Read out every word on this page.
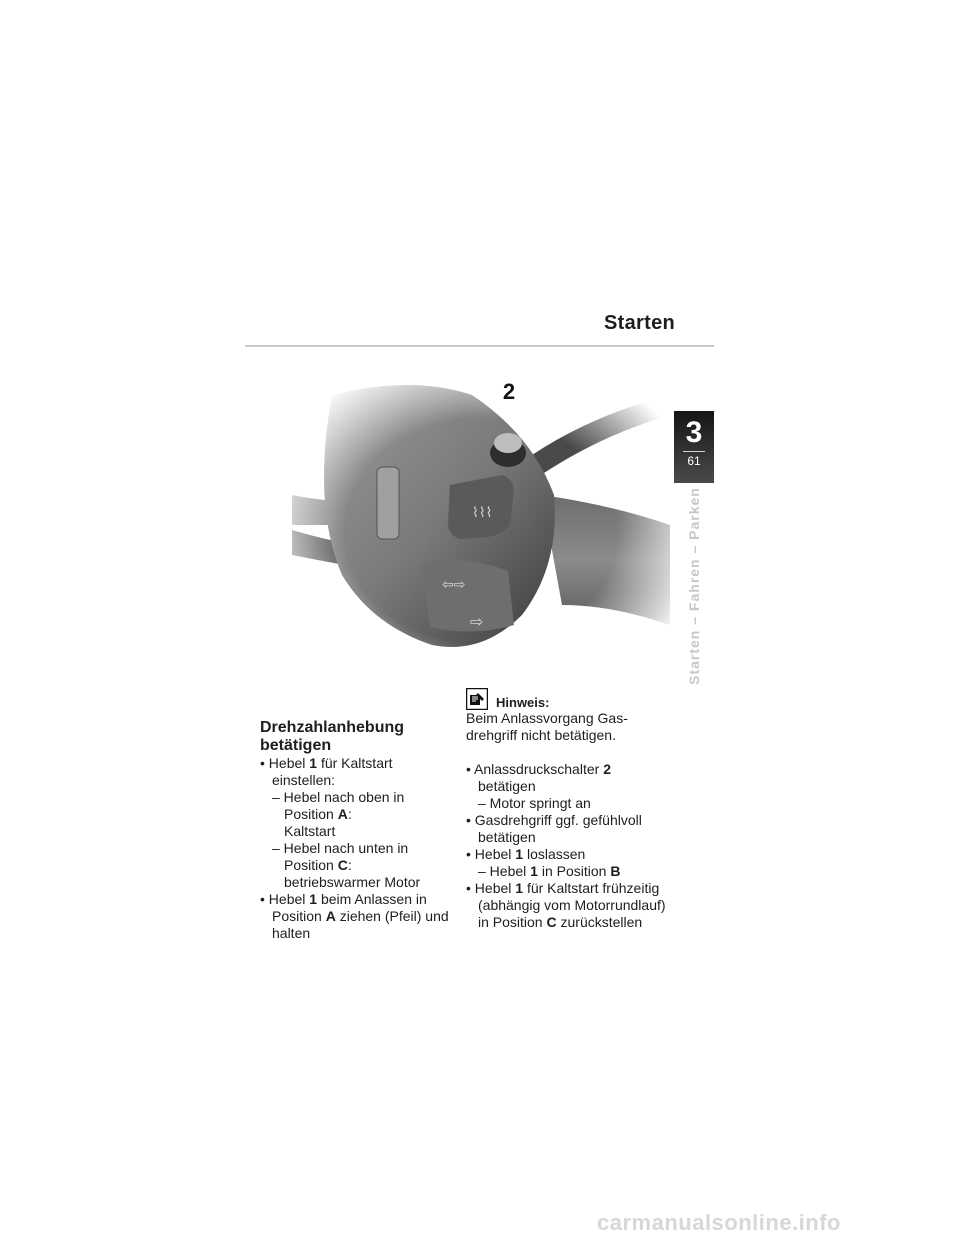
Starten
3
61
Starten – Fahren – Parken
2
Drehzahlanhebung
betätigen

• Hebel 1 für Kaltstart

einstellen:

– Hebel nach oben in

Position A:

Kaltstart

– Hebel nach unten in

Position C:

betriebswarmer Motor

• Hebel 1 beim Anlassen in

Position A ziehen (Pfeil) und

halten

Hinweis:

Beim Anlassvorgang Gas-

drehgriff nicht betätigen.

• Anlassdruckschalter 2

betätigen

– Motor springt an

• Gasdrehgriff ggf. gefühlvoll

betätigen

• Hebel 1 loslassen

– Hebel 1 in Position B

• Hebel 1 für Kaltstart frühzeitig

(abhängig vom Motorrundlauf)

in Position C zurückstellen

carmanualsonline.info
